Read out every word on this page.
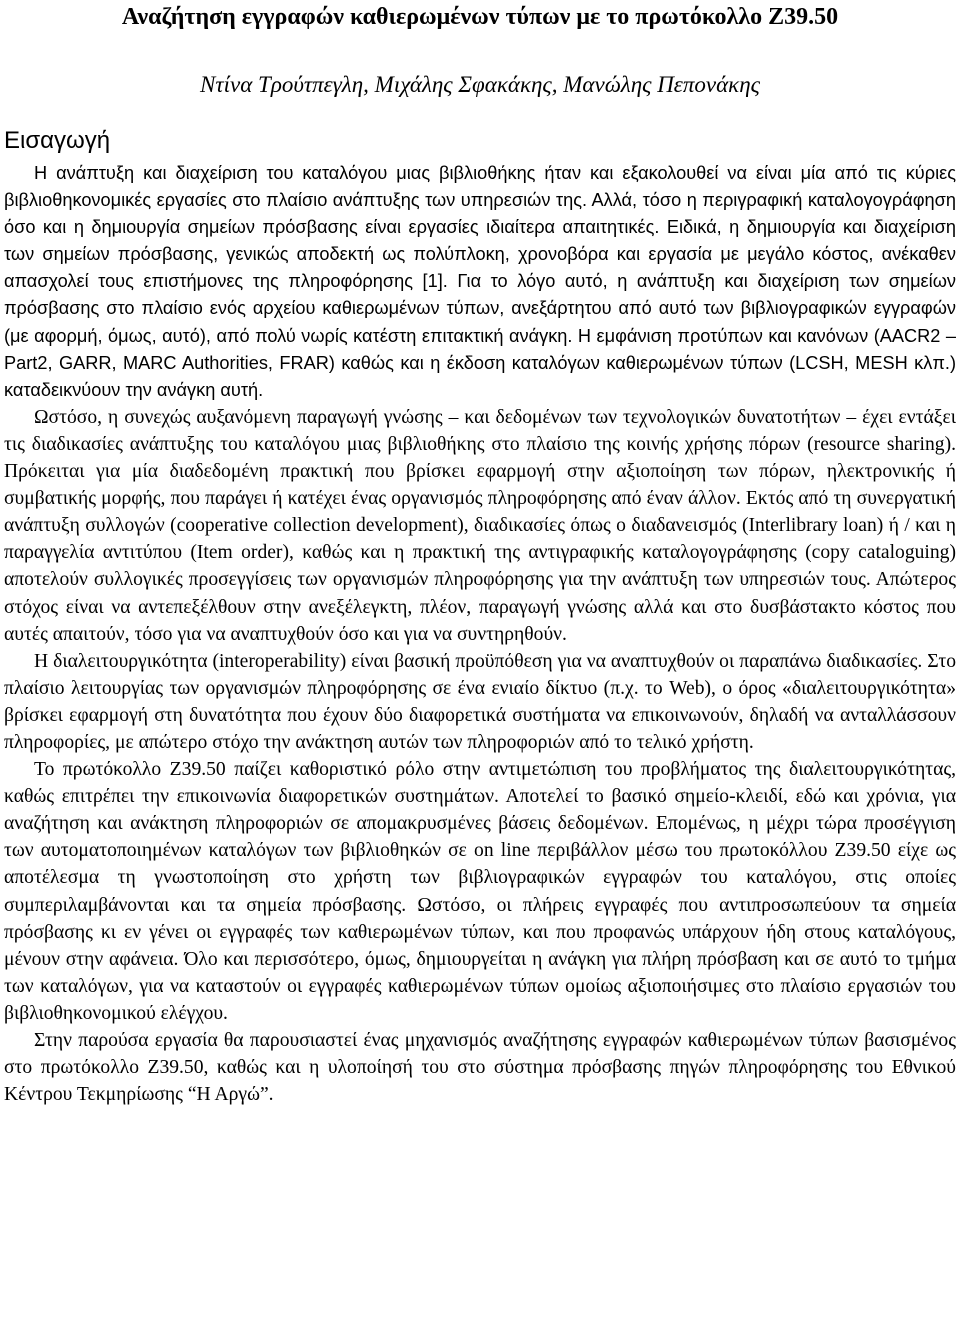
Αναζήτηση εγγραφών καθιερωμένων τύπων με το πρωτόκολλο Z39.50
Ντίνα Τρούτπεγλη, Μιχάλης Σφακάκης, Μανώλης Πεπονάκης
Εισαγωγή

Η ανάπτυξη και διαχείριση του καταλόγου μιας βιβλιοθήκης ήταν και εξακολουθεί να είναι μία από τις κύριες βιβλιοθηκονομικές εργασίες στο πλαίσιο ανάπτυξης των υπηρεσιών της. Αλλά, τόσο η περιγραφική καταλογογράφηση όσο και η δημιουργία σημείων πρόσβασης είναι εργασίες ιδιαίτερα απαιτητικές. Ειδικά, η δημιουργία και διαχείριση των σημείων πρόσβασης, γενικώς αποδεκτή ως πολύπλοκη, χρονοβόρα και εργασία με μεγάλο κόστος, ανέκαθεν απασχολεί τους επιστήμονες της πληροφόρησης [1]. Για το λόγο αυτό, η ανάπτυξη και διαχείριση των σημείων πρόσβασης στο πλαίσιο ενός αρχείου καθιερωμένων τύπων, ανεξάρτητου από αυτό των βιβλιογραφικών εγγραφών (με αφορμή, όμως, αυτό), από πολύ νωρίς κατέστη επιτακτική ανάγκη. Η εμφάνιση προτύπων και κανόνων (AACR2 – Part2, GARR, MARC Authorities, FRAR) καθώς και η έκδοση καταλόγων καθιερωμένων τύπων (LCSH, MESH κλπ.) καταδεικνύουν την ανάγκη αυτή.

Ωστόσο, η συνεχώς αυξανόμενη παραγωγή γνώσης – και δεδομένων των τεχνολογικών δυνατοτήτων – έχει εντάξει τις διαδικασίες ανάπτυξης του καταλόγου μιας βιβλιοθήκης στο πλαίσιο της κοινής χρήσης πόρων (resource sharing). Πρόκειται για μία διαδεδομένη πρακτική που βρίσκει εφαρμογή στην αξιοποίηση των πόρων, ηλεκτρονικής ή συμβατικής μορφής, που παράγει ή κατέχει ένας οργανισμός πληροφόρησης από έναν άλλον. Εκτός από τη συνεργατική ανάπτυξη συλλογών (cooperative collection development), διαδικασίες όπως ο διαδανεισμός (Interlibrary loan) ή / και η παραγγελία αντιτύπου (Item order), καθώς και η πρακτική της αντιγραφικής καταλογογράφησης (copy cataloguing) αποτελούν συλλογικές προσεγγίσεις των οργανισμών πληροφόρησης για την ανάπτυξη των υπηρεσιών τους. Απώτερος στόχος είναι να αντεπεξέλθουν στην ανεξέλεγκτη, πλέον, παραγωγή γνώσης αλλά και στο δυσβάστακτο κόστος που αυτές απαιτούν, τόσο για να αναπτυχθούν όσο και για να συντηρηθούν.

Η διαλειτουργικότητα (interoperability) είναι βασική προϋπόθεση για να αναπτυχθούν οι παραπάνω διαδικασίες. Στο πλαίσιο λειτουργίας των οργανισμών πληροφόρησης σε ένα ενιαίο δίκτυο (π.χ. το Web), ο όρος «διαλειτουργικότητα» βρίσκει εφαρμογή στη δυνατότητα που έχουν δύο διαφορετικά συστήματα να επικοινωνούν, δηλαδή να ανταλλάσσουν πληροφορίες, με απώτερο στόχο την ανάκτηση αυτών των πληροφοριών από το τελικό χρήστη.

Το πρωτόκολλο Z39.50 παίζει καθοριστικό ρόλο στην αντιμετώπιση του προβλήματος της διαλειτουργικότητας, καθώς επιτρέπει την επικοινωνία διαφορετικών συστημάτων. Αποτελεί το βασικό σημείο-κλειδί, εδώ και χρόνια, για αναζήτηση και ανάκτηση πληροφοριών σε απομακρυσμένες βάσεις δεδομένων. Επομένως, η μέχρι τώρα προσέγγιση των αυτοματοποιημένων καταλόγων των βιβλιοθηκών σε on line περιβάλλον μέσω του πρωτοκόλλου Z39.50 είχε ως αποτέλεσμα τη γνωστοποίηση στο χρήστη των βιβλιογραφικών εγγραφών του καταλόγου, στις οποίες συμπεριλαμβάνονται και τα σημεία πρόσβασης. Ωστόσο, οι πλήρεις εγγραφές που αντιπροσωπεύουν τα σημεία πρόσβασης κι εν γένει οι εγγραφές των καθιερωμένων τύπων, και που προφανώς υπάρχουν ήδη στους καταλόγους, μένουν στην αφάνεια. Όλο και περισσότερο, όμως, δημιουργείται η ανάγκη για πλήρη πρόσβαση και σε αυτό το τμήμα των καταλόγων, για να καταστούν οι εγγραφές καθιερωμένων τύπων ομοίως αξιοποιήσιμες στο πλαίσιο εργασιών του βιβλιοθηκονομικού ελέγχου.

Στην παρούσα εργασία θα παρουσιαστεί ένας μηχανισμός αναζήτησης εγγραφών καθιερωμένων τύπων βασισμένος στο πρωτόκολλο Z39.50, καθώς και η υλοποίησή του στο σύστημα πρόσβασης πηγών πληροφόρησης του Εθνικού Κέντρου Τεκμηρίωσης “Η Αργώ”.
